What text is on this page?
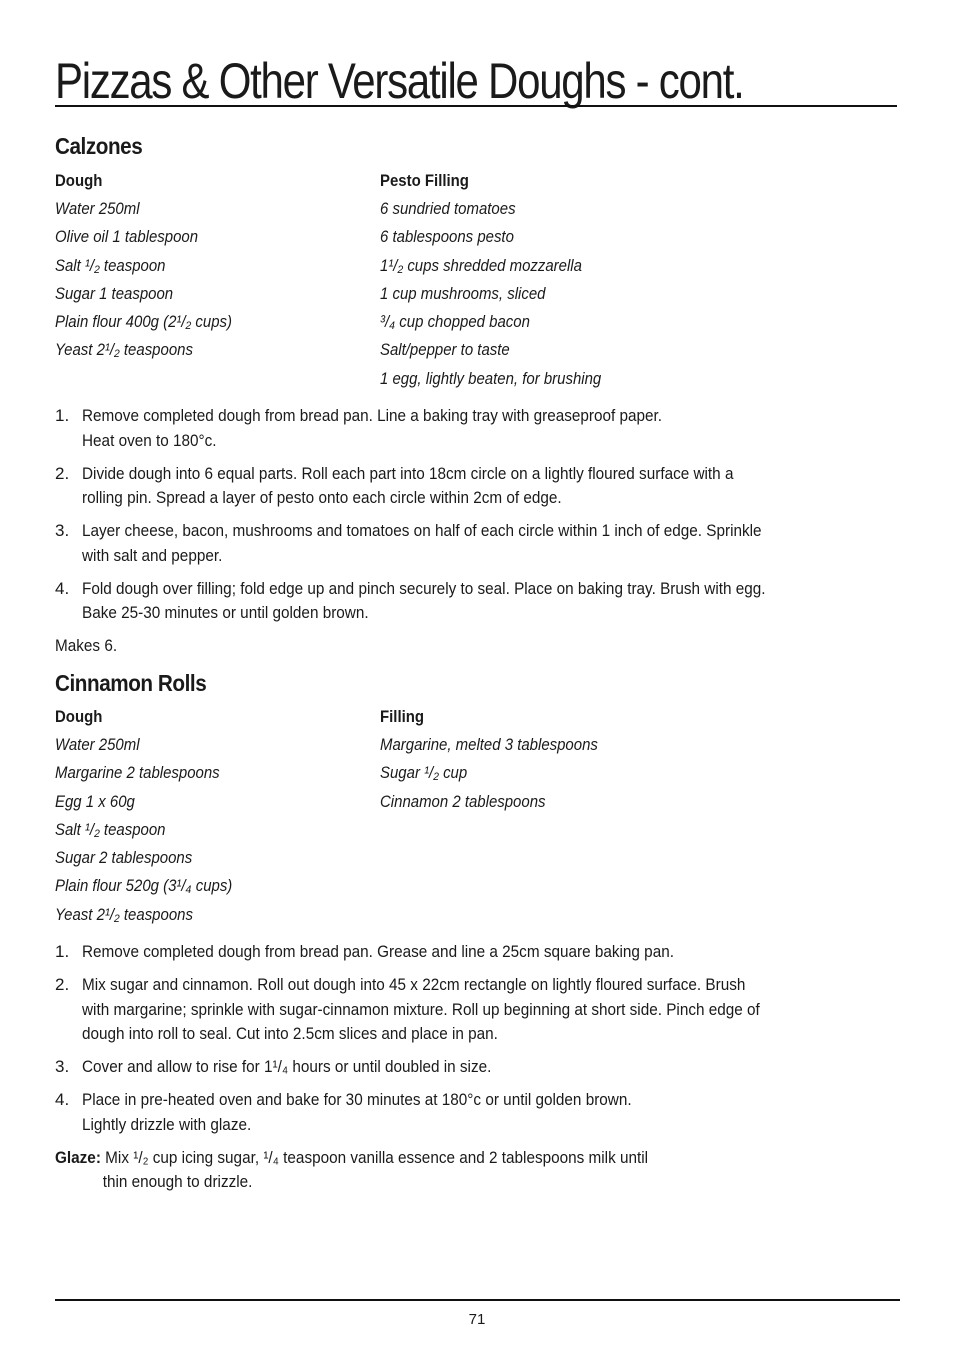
Pizzas & Other Versatile Doughs - cont.
Calzones
Dough
Water 250ml
Olive oil 1 tablespoon
Salt ¹/₂ teaspoon
Sugar 1 teaspoon
Plain flour 400g (2¹/₂ cups)
Yeast 2¹/₂ teaspoons
Pesto Filling
6 sundried tomatoes
6 tablespoons pesto
1¹/₂ cups shredded mozzarella
1 cup mushrooms, sliced
³/₄ cup chopped bacon
Salt/pepper to taste
1 egg, lightly beaten, for brushing
1. Remove completed dough from bread pan. Line a baking tray with greaseproof paper.
Heat oven to 180°c.
2. Divide dough into 6 equal parts. Roll each part into 18cm circle on a lightly floured surface with a
rolling pin. Spread a layer of pesto onto each circle within 2cm of edge.
3. Layer cheese, bacon, mushrooms and tomatoes on half of each circle within 1 inch of edge. Sprinkle
with salt and pepper.
4. Fold dough over filling; fold edge up and pinch securely to seal. Place on baking tray. Brush with egg.
Bake 25-30 minutes or until golden brown.
Makes 6.
Cinnamon Rolls
Dough
Water 250ml
Margarine 2 tablespoons
Egg 1 x 60g
Salt ¹/₂ teaspoon
Sugar 2 tablespoons
Plain flour 520g (3¹/₄ cups)
Yeast 2¹/₂ teaspoons
Filling
Margarine, melted 3 tablespoons
Sugar ¹/₂ cup
Cinnamon 2 tablespoons
1. Remove completed dough from bread pan. Grease and line a 25cm square baking pan.
2. Mix sugar and cinnamon. Roll out dough into 45 x 22cm rectangle on lightly floured surface. Brush
with margarine; sprinkle with sugar-cinnamon mixture. Roll up beginning at short side. Pinch edge of
dough into roll to seal. Cut into 2.5cm slices and place in pan.
3. Cover and allow to rise for 1¹/₄ hours or until doubled in size.
4. Place in pre-heated oven and bake for 30 minutes at 180°c or until golden brown.
Lightly drizzle with glaze.
Glaze: Mix ¹/₂ cup icing sugar, ¹/₄ teaspoon vanilla essence and 2 tablespoons milk until
thin enough to drizzle.
71
